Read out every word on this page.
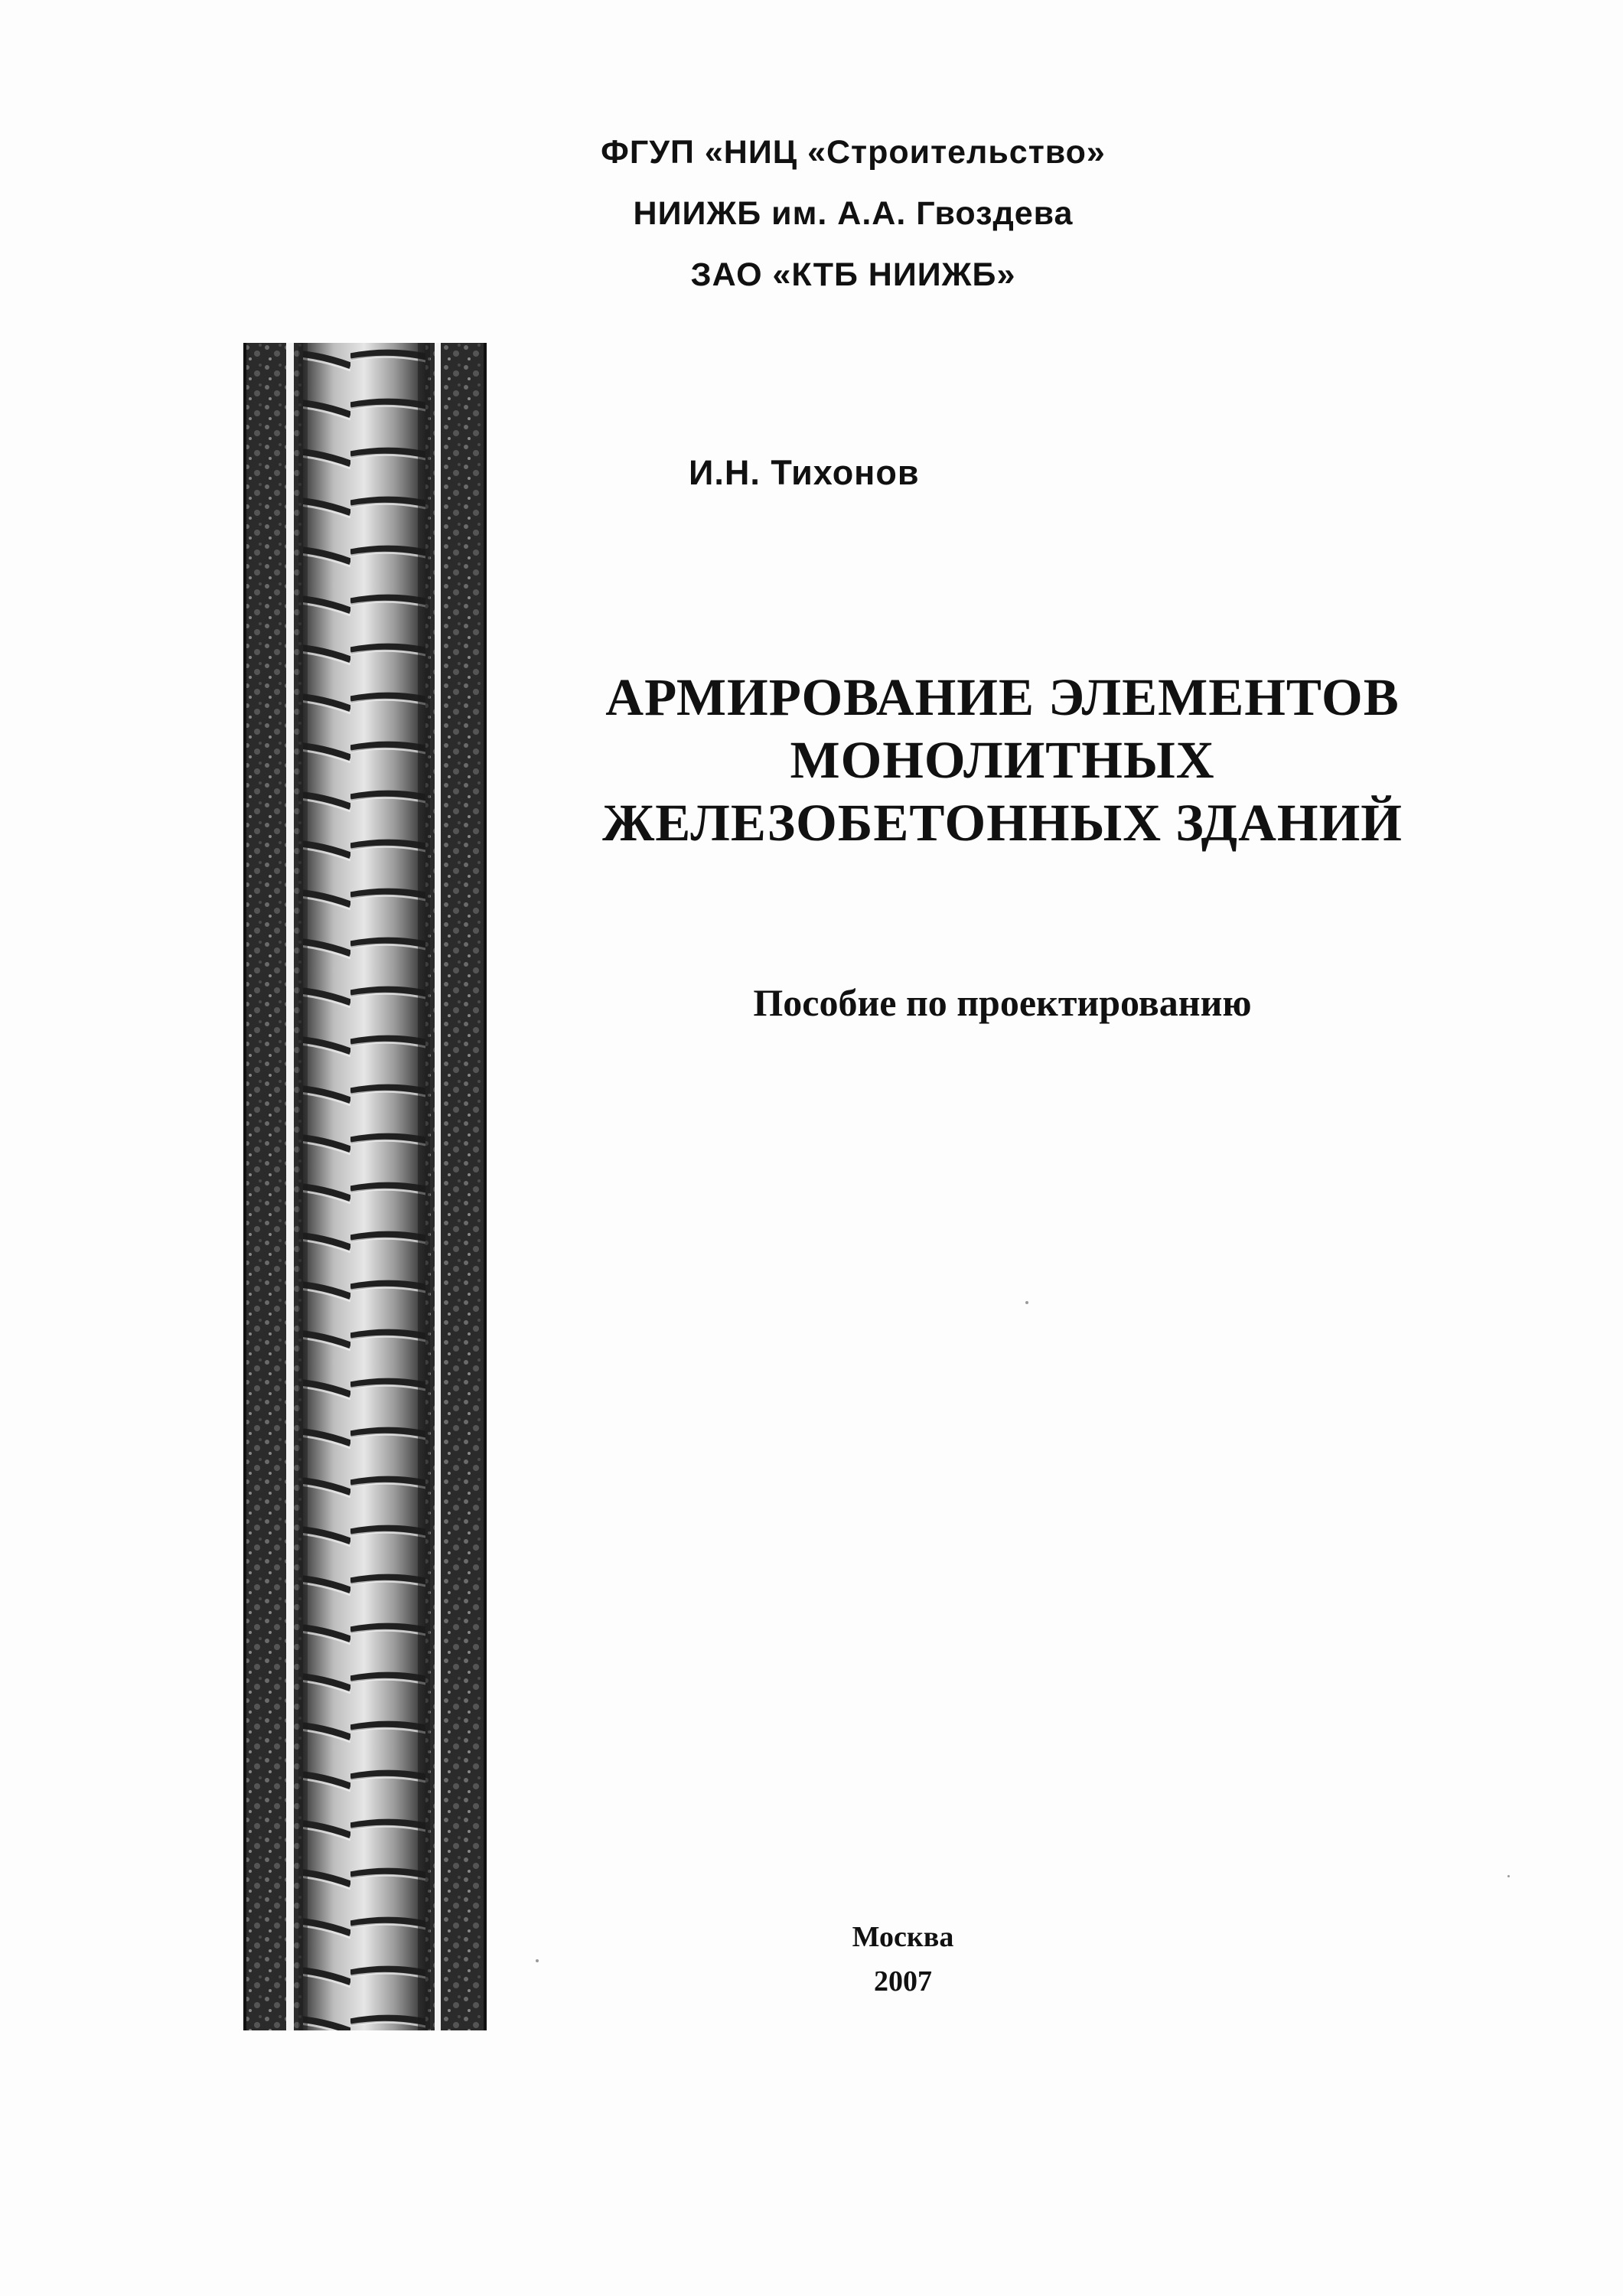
ФГУП «НИЦ «Строительство»
НИИЖБ им. А.А. Гвоздева
ЗАО «КТБ НИИЖБ»
И.Н. Тихонов
АРМИРОВАНИЕ ЭЛЕМЕНТОВ
МОНОЛИТНЫХ
ЖЕЛЕЗОБЕТОННЫХ ЗДАНИЙ
Пособие по проектированию
Москва
2007
